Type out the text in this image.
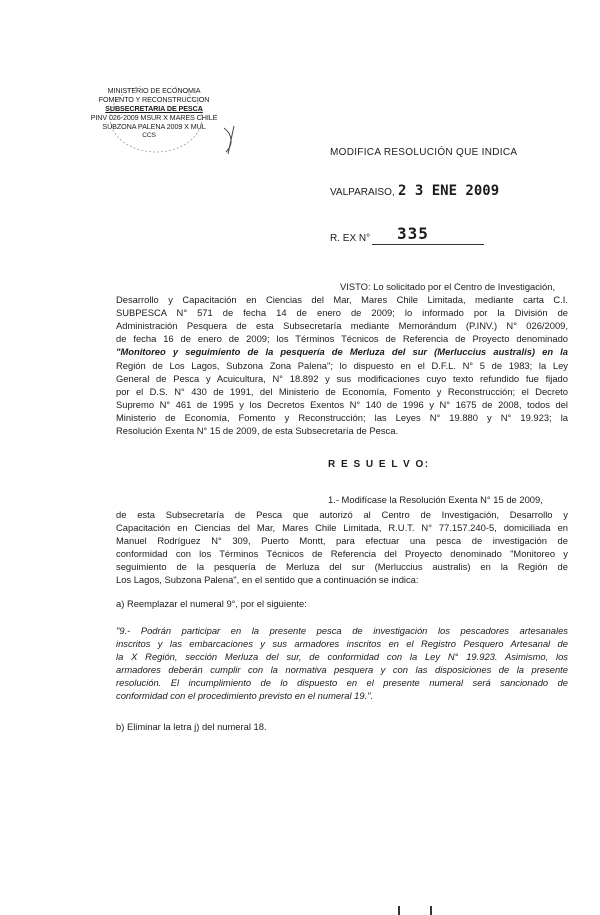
MINISTERIO DE ECONOMIA
FOMENTO Y RECONSTRUCCION
SUBSECRETARIA DE PESCA
PINV 026-2009 MSUR X MARES CHILE
SUBZONA PALENA 2009 X MUL
CCS
MODIFICA RESOLUCIÓN QUE INDICA
VALPARAISO, 2 3 ENE 2009
R. EX N° 335
VISTO: Lo solicitado por el Centro de Investigación,
Desarrollo y Capacitación en Ciencias del Mar, Mares Chile Limitada, mediante carta C.I.
SUBPESCA N° 571 de fecha 14 de enero de 2009; lo informado por la División de
Administración Pesquera de esta Subsecretaría mediante Memorándum (P.INV.) N° 026/2009,
de fecha 16 de enero de 2009; los Términos Técnicos de Referencia de Proyecto denominado
"Monitoreo y seguimiento de la pesquería de Merluza del sur (Merluccius australis) en la
Región de Los Lagos, Subzona Zona Palena"; lo dispuesto en el D.F.L. N° 5 de 1983; la Ley
General de Pesca y Acuicultura, N° 18.892 y sus modificaciones cuyo texto refundido fue fijado
por el D.S. N° 430 de 1991, del Ministerio de Economía, Fomento y Reconstrucción; el Decreto
Supremo N° 461 de 1995 y los Decretos Exentos N° 140 de 1996 y N° 1675 de 2008, todos del
Ministerio de Economía, Fomento y Reconstrucción; las Leyes N° 19.880 y N° 19.923; la
Resolución Exenta N° 15 de 2009, de esta Subsecretaría de Pesca.
R E S U E L V O:
1.- Modifícase la Resolución Exenta N° 15 de 2009,
de esta Subsecretaría de Pesca que autorizó al Centro de Investigación, Desarrollo y
Capacitación en Ciencias del Mar, Mares Chile Limitada, R.U.T. N° 77.157.240-5, domiciliada en
Manuel Rodríguez N° 309, Puerto Montt, para efectuar una pesca de investigación de
conformidad con los Términos Técnicos de Referencia del Proyecto denominado "Monitoreo y
seguimiento de la pesquería de Merluza del sur (Merluccius australis) en la Región de
Los Lagos, Subzona Palena", en el sentido que a continuación se indica:
a) Reemplazar el numeral 9°, por el siguiente:
"9.- Podrán participar en la presente pesca de investigación los pescadores artesanales
inscritos y las embarcaciones y sus armadores inscritos en el Registro Pesquero Artesanal de
la X Región, sección Merluza del sur, de conformidad con la Ley N° 19.923. Asimismo, los
armadores deberán cumplir con la normativa pesquera y con las disposiciones de la presente
resolución. El incumplimiento de lo dispuesto en el presente numeral será sancionado de
conformidad con el procedimiento previsto en el numeral 19.".
b) Eliminar la letra j) del numeral 18.
